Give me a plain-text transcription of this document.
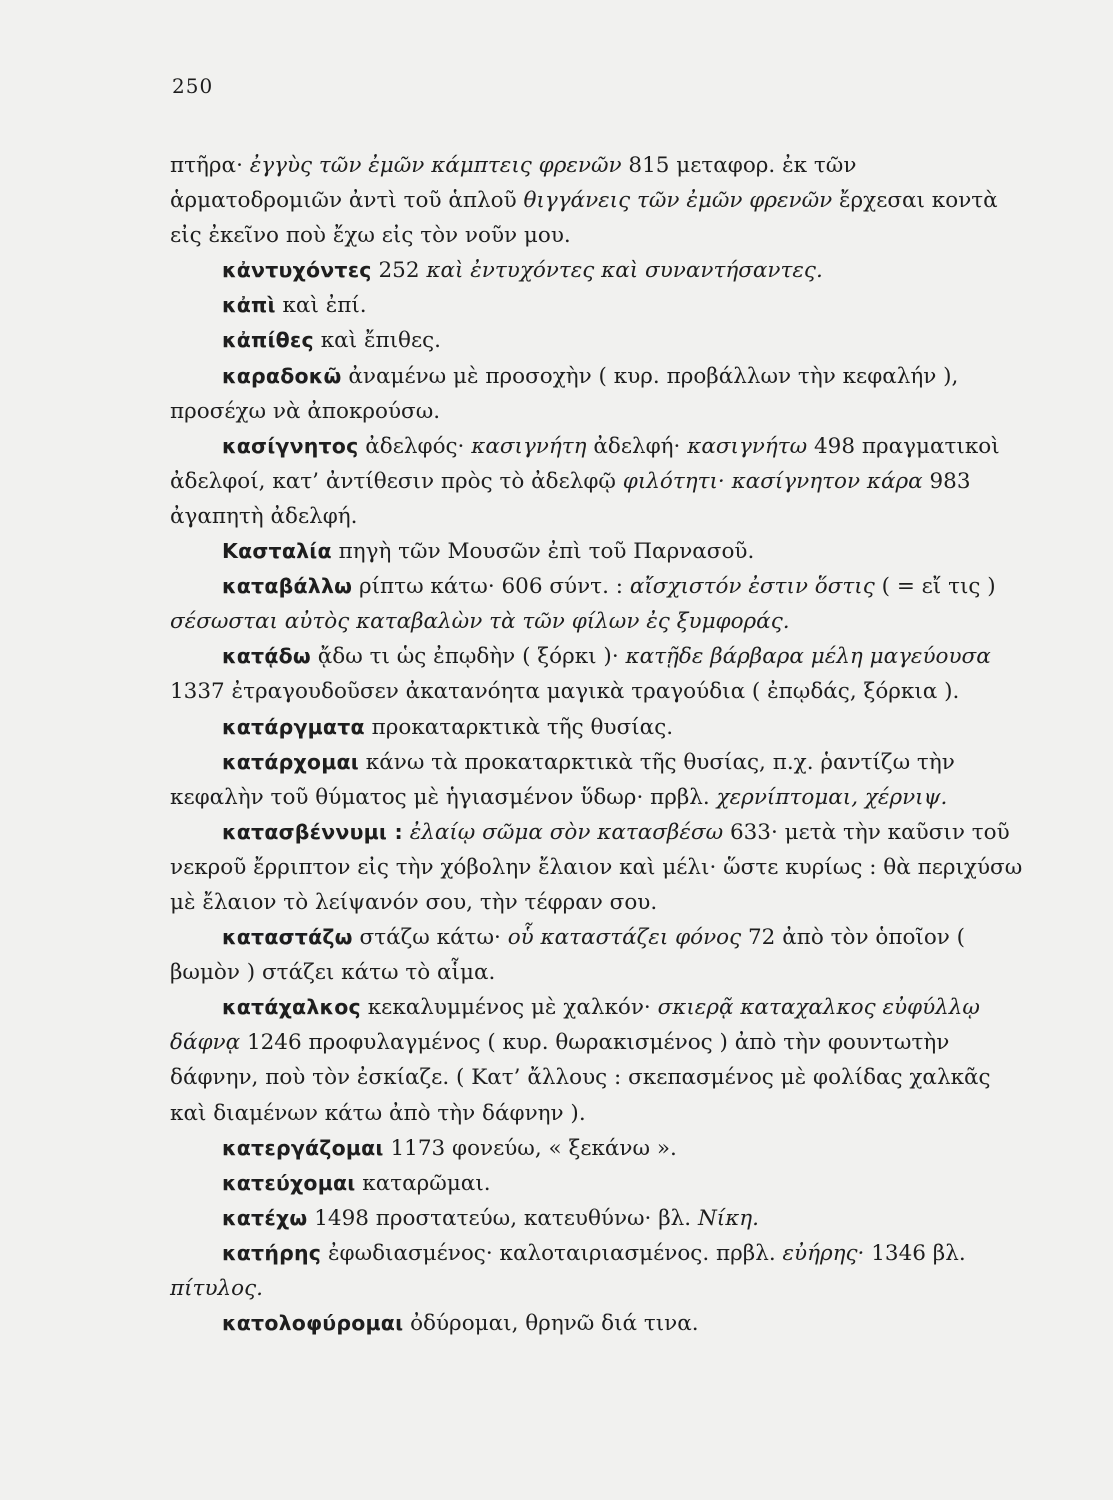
250

πτῆρα· ἐγγὺς τῶν ἐμῶν κάμπτεις φρενῶν 815 μεταφορ. ἐκ τῶν ἁρματοδρομιῶν ἀντὶ τοῦ ἁπλοῦ θιγγάνεις τῶν ἐμῶν φρενῶν ἔρχεσαι κοντὰ εἰς ἐκεῖνο ποὺ ἔχω εἰς τὸν νοῦν μου.

κἀντυχόντες 252 καὶ ἐντυχόντες καὶ συναντήσαντες.

κἀπὶ καὶ ἐπί.

κἀπίθες καὶ ἔπιθες.

καραδοκῶ ἀναμένω μὲ προσοχὴν ( κυρ. προβάλλων τὴν κεφαλήν ), προσέχω νὰ ἀποκρούσω.

κασίγνητος ἀδελφός· κασιγνήτη ἀδελφή· κασιγνήτω 498 πραγματικοὶ ἀδελφοί, κατ’ ἀντίθεσιν πρὸς τὸ ἀδελφῷ φιλότητι· κασίγνητον κάρα 983 ἀγαπητὴ ἀδελφή.

Κασταλία πηγὴ τῶν Μουσῶν ἐπὶ τοῦ Παρνασοῦ.

καταβάλλω ρίπτω κάτω· 606 σύντ. : αἴσχιστόν ἐστιν ὅστις ( = εἴ τις ) σέσωσται αὐτὸς καταβαλὼν τὰ τῶν φίλων ἐς ξυμφοράς.

κατᾴδω ᾄδω τι ὡς ἐπῳδὴν ( ξόρκι )· κατῇδε βάρβαρα μέλη μαγεύουσα 1337 ἐτραγουδοῦσεν ἀκατανόητα μαγικὰ τραγούδια ( ἐπῳδάς, ξόρκια ).

κατάργματα προκαταρκτικὰ τῆς θυσίας.

κατάρχομαι κάνω τὰ προκαταρκτικὰ τῆς θυσίας, π.χ. ῥαντίζω τὴν κεφαλὴν τοῦ θύματος μὲ ἡγιασμένον ὕδωρ· πρβλ. χερνίπτομαι, χέρνιψ.

κατασβέννυμι : ἐλαίῳ σῶμα σὸν κατασβέσω 633· μετὰ τὴν καῦσιν τοῦ νεκροῦ ἔρριπτον εἰς τὴν χόβολην ἔλαιον καὶ μέλι· ὥστε κυρίως : θὰ περιχύσω μὲ ἔλαιον τὸ λείψανόν σου, τὴν τέφραν σου.

καταστάζω στάζω κάτω· οὗ καταστάζει φόνος 72 ἀπὸ τὸν ὁποῖον ( βωμὸν ) στάζει κάτω τὸ αἷμα.

κατάχαλκος κεκαλυμμένος μὲ χαλκόν· σκιερᾷ καταχαλκος εὐφύλλῳ δάφνᾳ 1246 προφυλαγμένος ( κυρ. θωρακισμένος ) ἀπὸ τὴν φουντωτὴν δάφνην, ποὺ τὸν ἐσκίαζε. ( Κατ’ ἄλλους : σκεπασμένος μὲ φολίδας χαλκᾶς καὶ διαμένων κάτω ἀπὸ τὴν δάφνην ).

κατεργάζομαι 1173 φονεύω, « ξεκάνω ».

κατεύχομαι καταρῶμαι.

κατέχω 1498 προστατεύω, κατευθύνω· βλ. Νίκη.

κατήρης ἐφωδιασμένος· καλοταιριασμένος. πρβλ. εὐήρης· 1346 βλ. πίτυλος.

κατολοφύρομαι ὀδύρομαι, θρηνῶ διά τινα.
